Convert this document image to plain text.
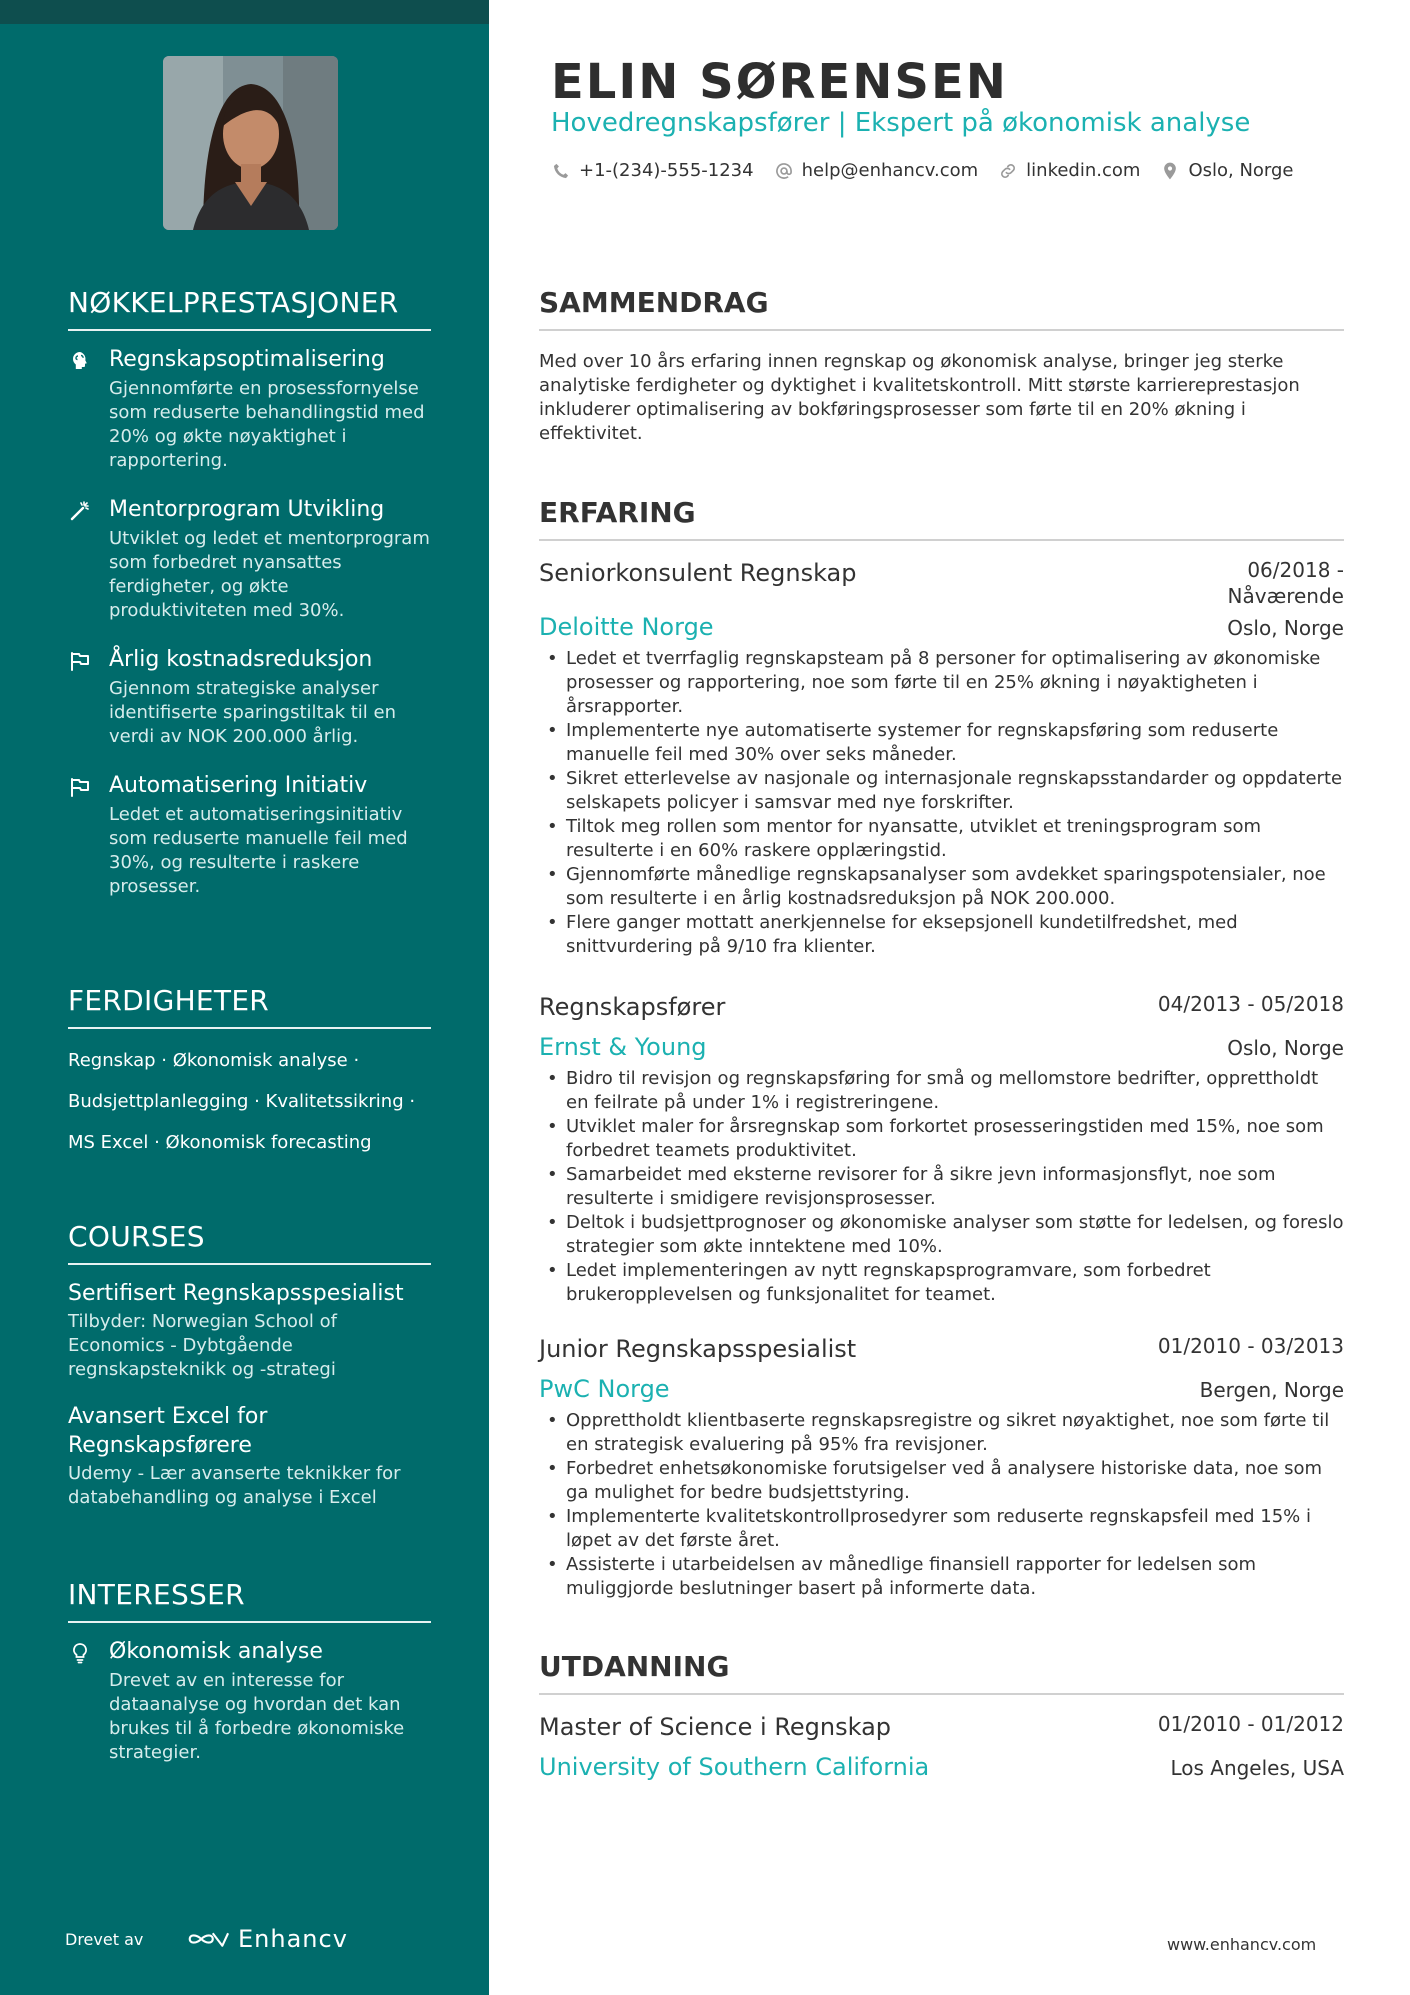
NØKKELPRESTASJONER
Regnskapsoptimalisering
Gjennomførte en prosessfornyelse som reduserte behandlingstid med 20% og økte nøyaktighet i rapportering.
Mentorprogram Utvikling
Utviklet og ledet et mentorprogram som forbedret nyansattes ferdigheter, og økte produktiviteten med 30%.
Årlig kostnadsreduksjon
Gjennom strategiske analyser identifiserte sparingstiltak til en verdi av NOK 200.000 årlig.
Automatisering Initiativ
Ledet et automatiseringsinitiativ som reduserte manuelle feil med 30%, og resulterte i raskere prosesser.
FERDIGHETER
Regnskap · Økonomisk analyse ·
Budsjettplanlegging · Kvalitetssikring ·
MS Excel · Økonomisk forecasting
COURSES
Sertifisert Regnskapsspesialist
Tilbyder: Norwegian School of Economics - Dybtgående regnskapsteknikk og -strategi
Avansert Excel for Regnskapsførere
Udemy - Lær avanserte teknikker for databehandling og analyse i Excel
INTERESSER
Økonomisk analyse
Drevet av en interesse for dataanalyse og hvordan det kan brukes til å forbedre økonomiske strategier.
Drevet av	Enhancv
ELIN SØRENSEN
Hovedregnskapsfører | Ekspert på økonomisk analyse
+1-(234)-555-1234	help@enhancv.com	linkedin.com	Oslo, Norge
SAMMENDRAG

Med over 10 års erfaring innen regnskap og økonomisk analyse, bringer jeg sterke analytiske ferdigheter og dyktighet i kvalitetskontroll. Mitt største karriereprestasjon inkluderer optimalisering av bokføringsprosesser som førte til en 20% økning i effektivitet.

ERFARING
Seniorkonsulent Regnskap	06/2018 -
Nåværende
Deloitte Norge	Oslo, Norge
• Ledet et tverrfaglig regnskapsteam på 8 personer for optimalisering av økonomiske prosesser og rapportering, noe som førte til en 25% økning i nøyaktigheten i årsrapporter.
• Implementerte nye automatiserte systemer for regnskapsføring som reduserte manuelle feil med 30% over seks måneder.
• Sikret etterlevelse av nasjonale og internasjonale regnskapsstandarder og oppdaterte selskapets policyer i samsvar med nye forskrifter.
• Tiltok meg rollen som mentor for nyansatte, utviklet et treningsprogram som resulterte i en 60% raskere opplæringstid.
• Gjennomførte månedlige regnskapsanalyser som avdekket sparingspotensialer, noe som resulterte i en årlig kostnadsreduksjon på NOK 200.000.
• Flere ganger mottatt anerkjennelse for eksepsjonell kundetilfredshet, med snittvurdering på 9/10 fra klienter.
Regnskapsfører	04/2013 - 05/2018
Ernst & Young	Oslo, Norge
• Bidro til revisjon og regnskapsføring for små og mellomstore bedrifter, opprettholdt en feilrate på under 1% i registreringene.
• Utviklet maler for årsregnskap som forkortet prosesseringstiden med 15%, noe som forbedret teamets produktivitet.
• Samarbeidet med eksterne revisorer for å sikre jevn informasjonsflyt, noe som resulterte i smidigere revisjonsprosesser.
• Deltok i budsjettprognoser og økonomiske analyser som støtte for ledelsen, og foreslo strategier som økte inntektene med 10%.
• Ledet implementeringen av nytt regnskapsprogramvare, som forbedret brukeropplevelsen og funksjonalitet for teamet.
Junior Regnskapsspesialist	01/2010 - 03/2013
PwC Norge	Bergen, Norge
• Opprettholdt klientbaserte regnskapsregistre og sikret nøyaktighet, noe som førte til en strategisk evaluering på 95% fra revisjoner.
• Forbedret enhetsøkonomiske forutsigelser ved å analysere historiske data, noe som ga mulighet for bedre budsjettstyring.
• Implementerte kvalitetskontrollprosedyrer som reduserte regnskapsfeil med 15% i løpet av det første året.
• Assisterte i utarbeidelsen av månedlige finansiell rapporter for ledelsen som muliggjorde beslutninger basert på informerte data.
UTDANNING
Master of Science i Regnskap	01/2010 - 01/2012
University of Southern California	Los Angeles, USA
www.enhancv.com
